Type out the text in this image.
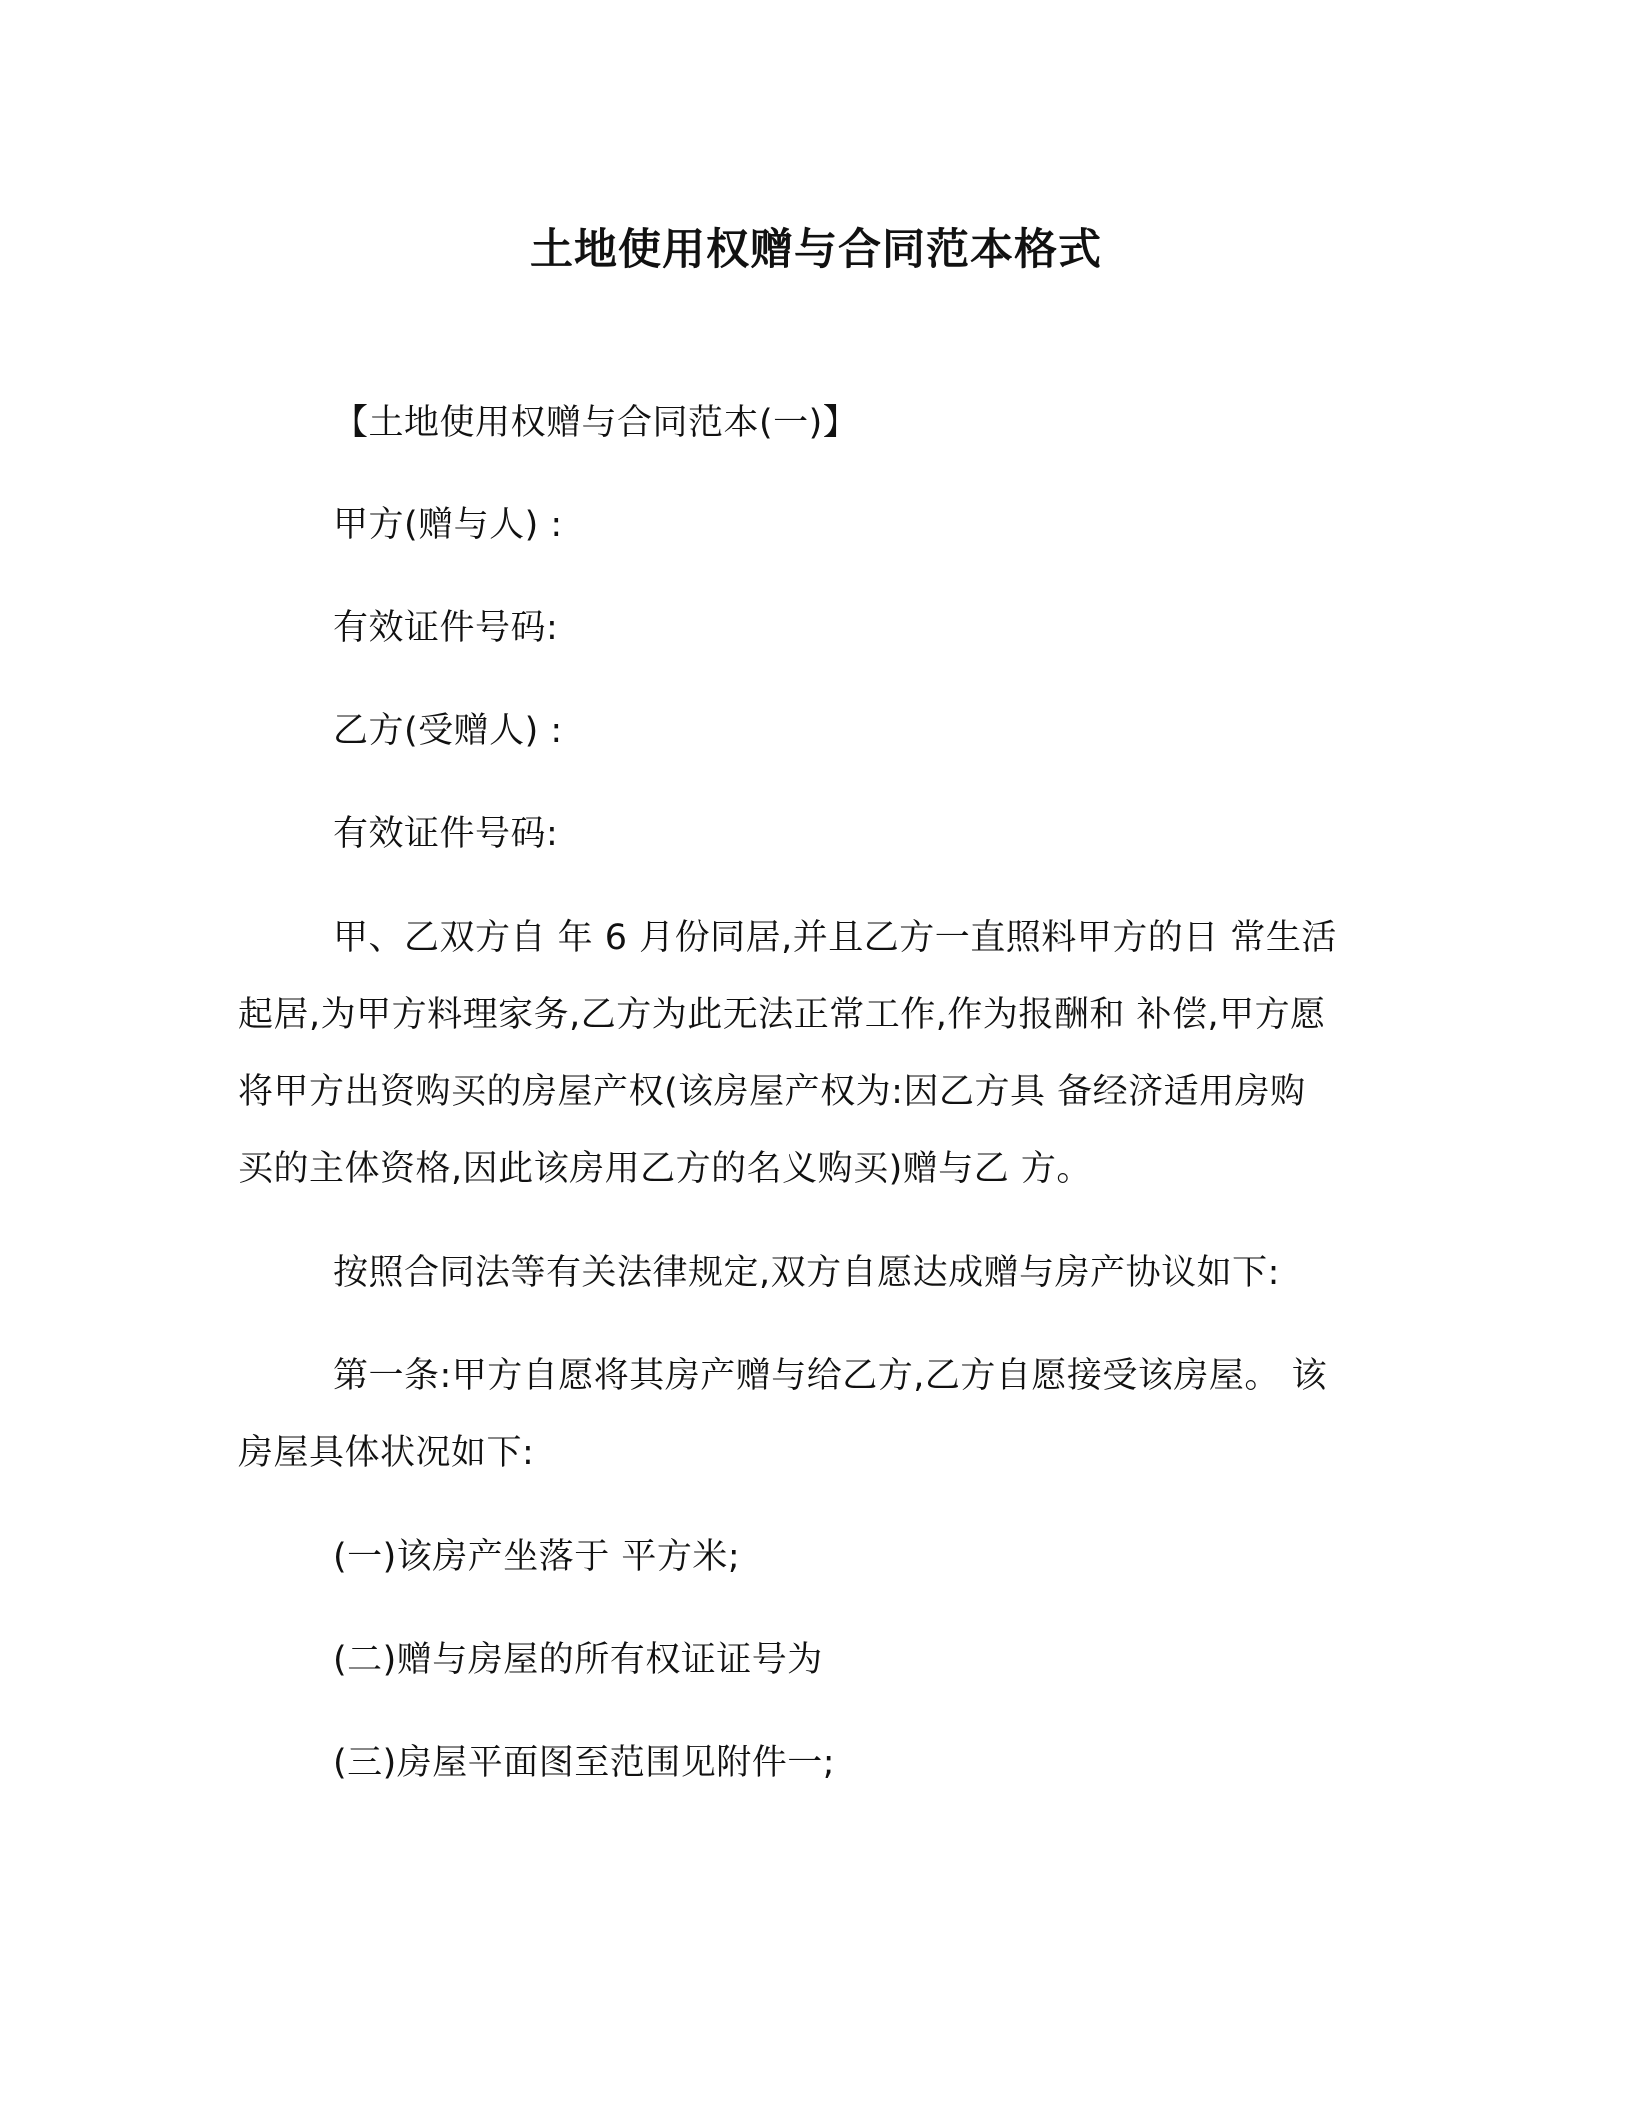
土地使用权赠与合同范本格式
【土地使用权赠与合同范本(一)】
甲方(赠与人) :
有效证件号码:
乙方(受赠人) :
有效证件号码:
甲、乙双方自 年 6 月份同居,并且乙方一直照料甲方的日 常生活
起居,为甲方料理家务,乙方为此无法正常工作,作为报酬和 补偿,甲方愿
将甲方出资购买的房屋产权(该房屋产权为:因乙方具 备经济适用房购
买的主体资格,因此该房用乙方的名义购买)赠与乙 方。
按照合同法等有关法律规定,双方自愿达成赠与房产协议如下:
第一条:甲方自愿将其房产赠与给乙方,乙方自愿接受该房屋。 该
房屋具体状况如下:
(一)该房产坐落于 平方米;
(二)赠与房屋的所有权证证号为
(三)房屋平面图至范围见附件一;
